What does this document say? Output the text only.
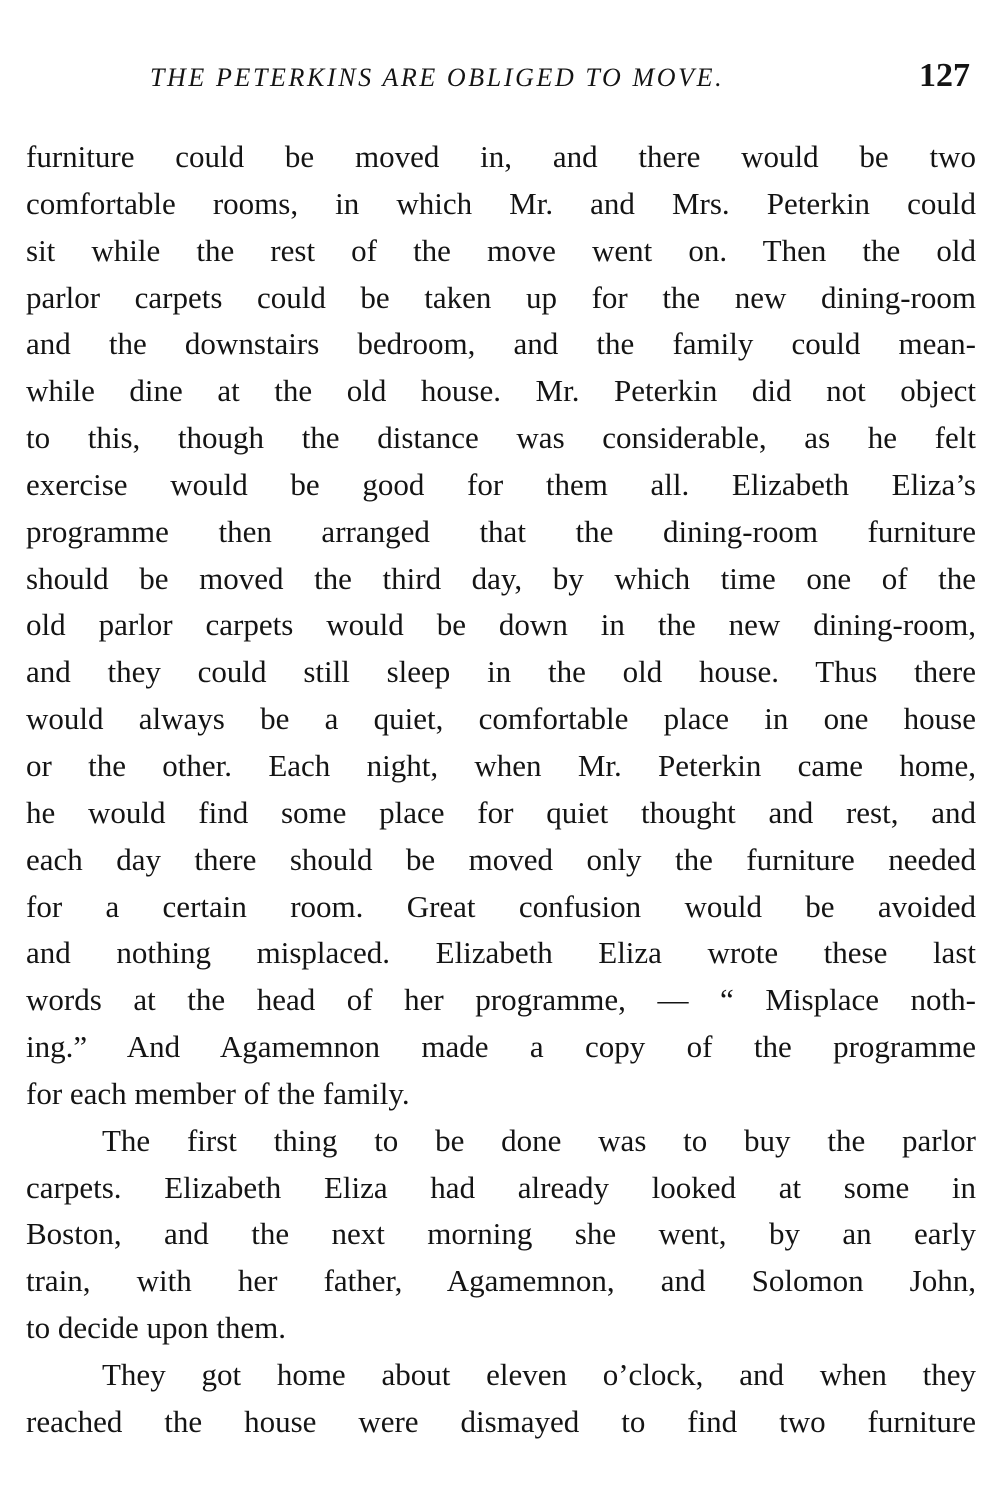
THE PETERKINS ARE OBLIGED TO MOVE.	127
furniture could be moved in, and there would be two
comfortable rooms, in which Mr. and Mrs. Peterkin could
sit while the rest of the move went on. Then the old
parlor carpets could be taken up for the new dining-room
and the downstairs bedroom, and the family could mean-
while dine at the old house. Mr. Peterkin did not object
to this, though the distance was considerable, as he felt
exercise would be good for them all. Elizabeth Eliza’s
programme then arranged that the dining-room furniture
should be moved the third day, by which time one of the
old parlor carpets would be down in the new dining-room,
and they could still sleep in the old house. Thus there
would always be a quiet, comfortable place in one house
or the other. Each night, when Mr. Peterkin came home,
he would find some place for quiet thought and rest, and
each day there should be moved only the furniture needed
for a certain room. Great confusion would be avoided
and nothing misplaced. Elizabeth Eliza wrote these last
words at the head of her programme, — “ Misplace noth-
ing.” And Agamemnon made a copy of the programme
for each member of the family.
The first thing to be done was to buy the parlor
carpets. Elizabeth Eliza had already looked at some in
Boston, and the next morning she went, by an early
train, with her father, Agamemnon, and Solomon John,
to decide upon them.
They got home about eleven o’clock, and when they
reached the house were dismayed to find two furniture
